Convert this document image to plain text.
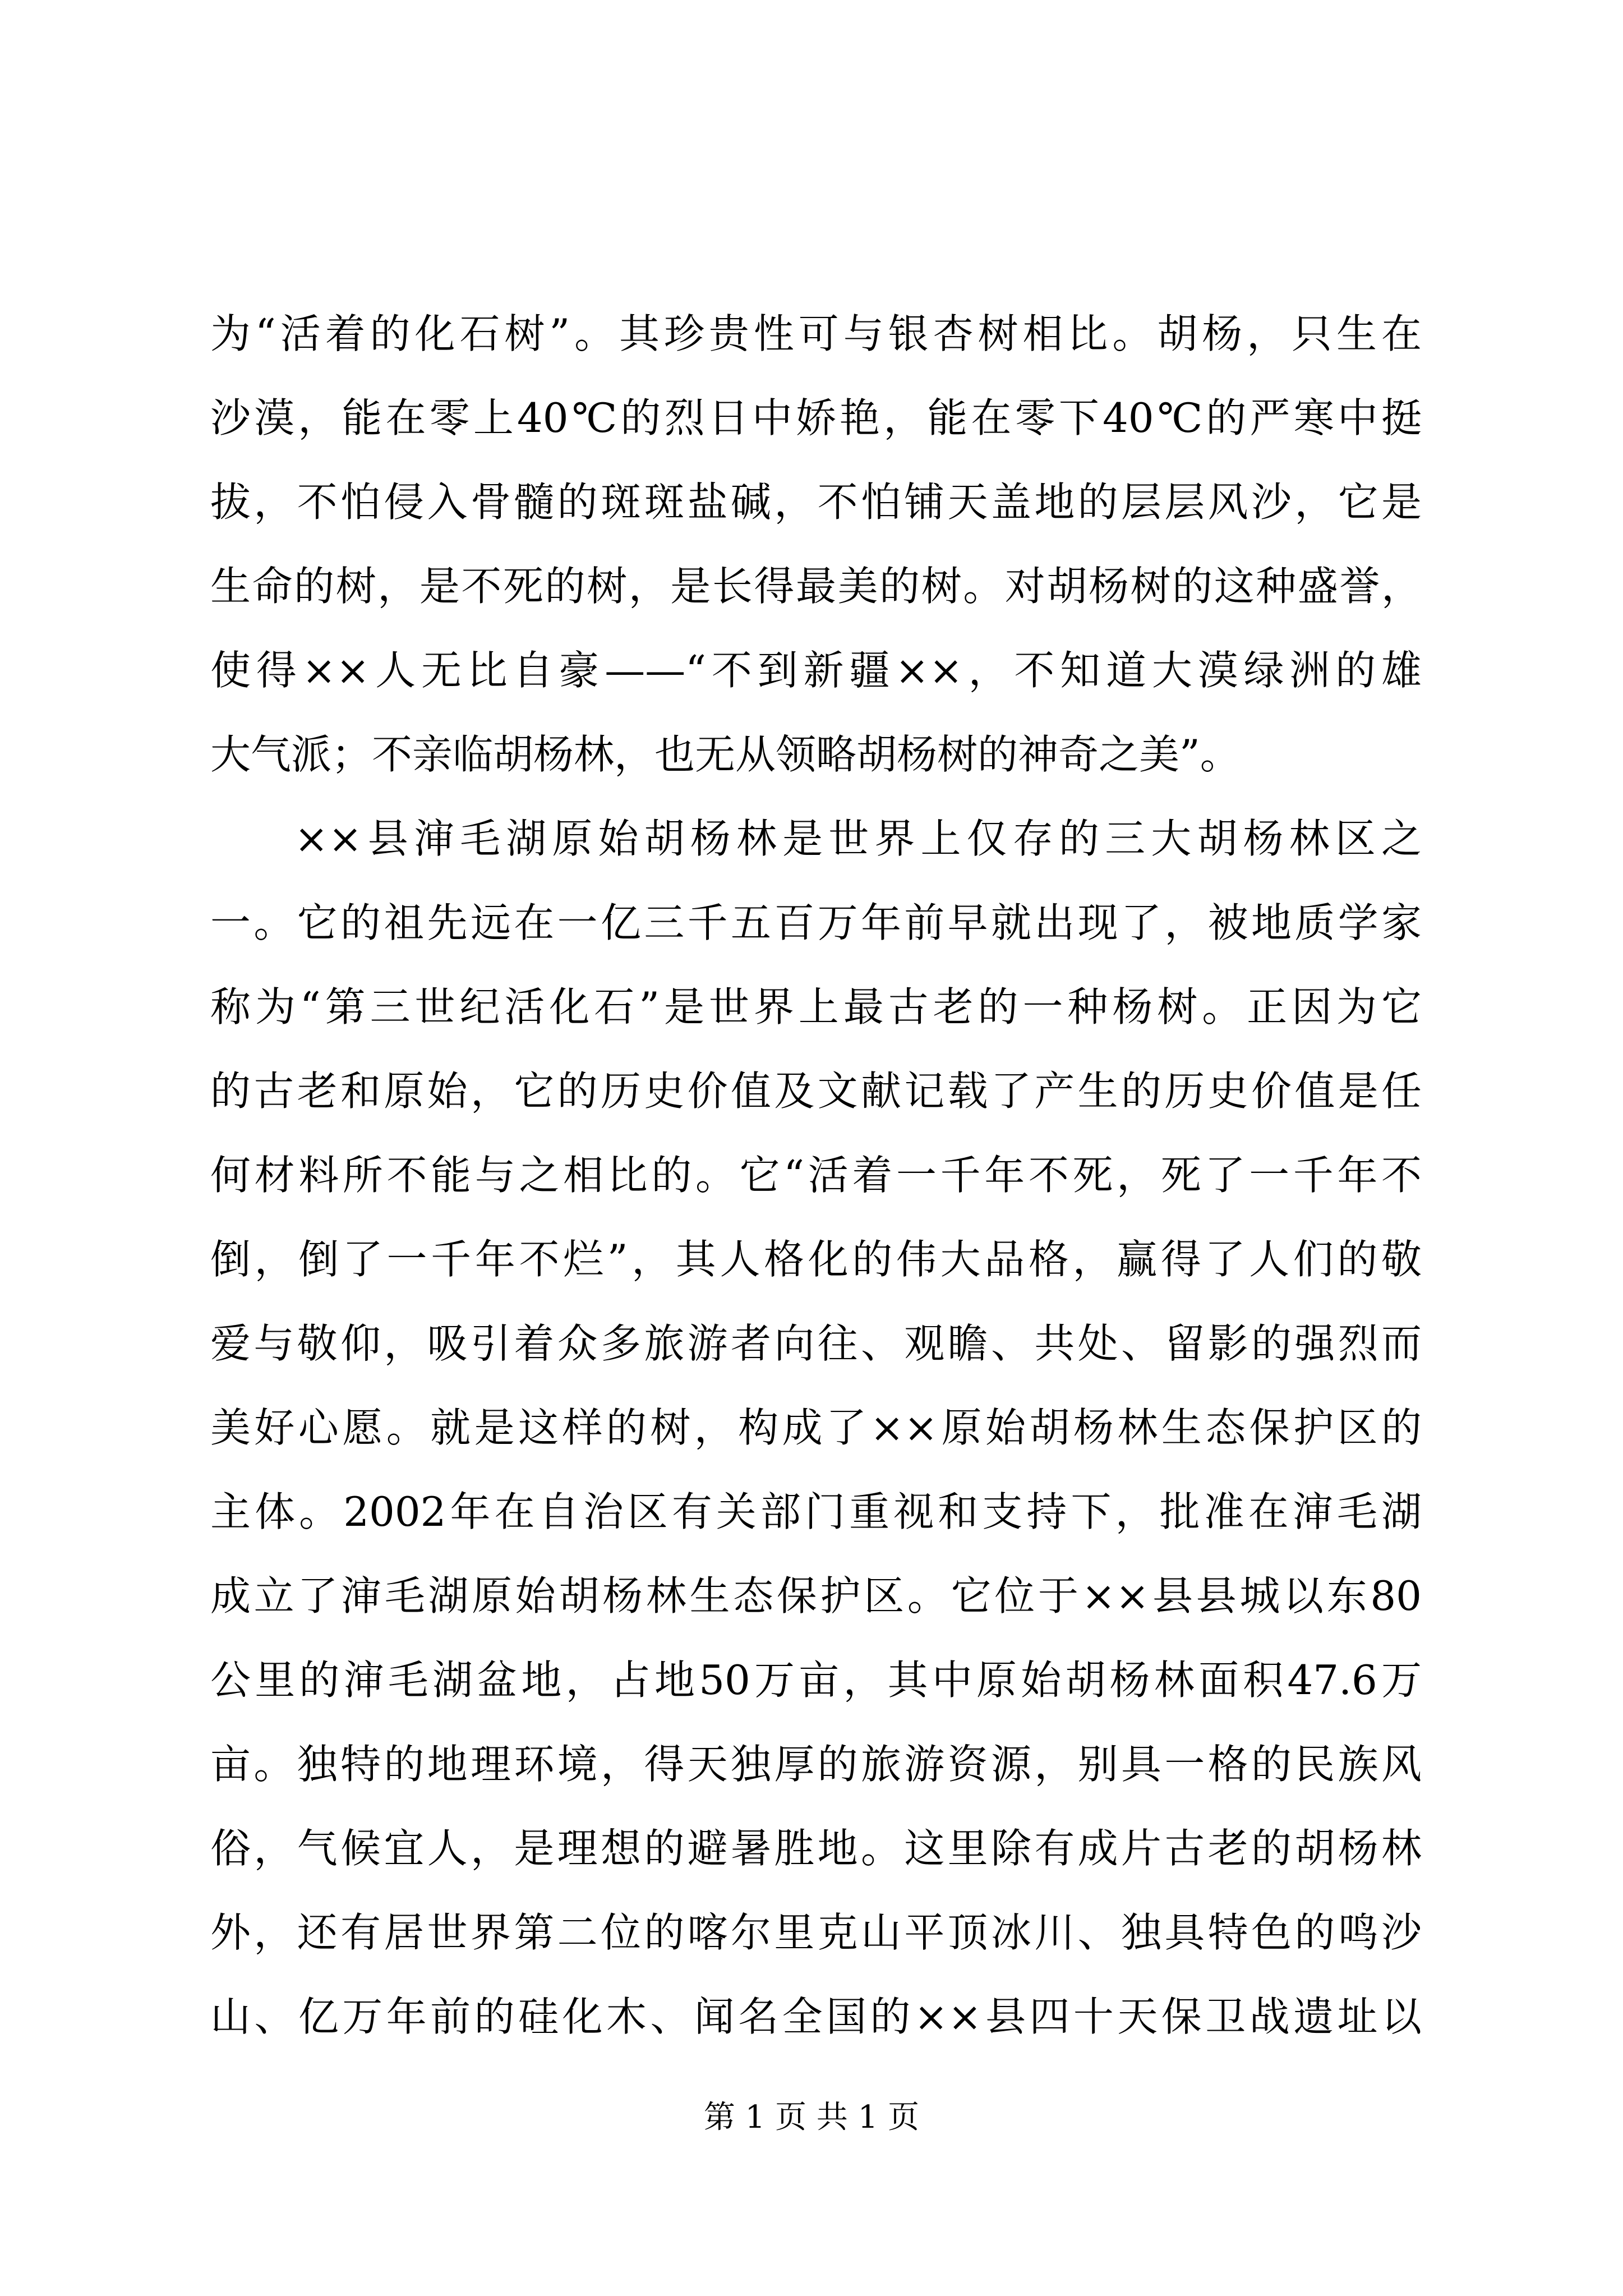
为“活着的化石树”。其珍贵性可与银杏树相比。胡杨，只生在
沙漠，能在零上40℃的烈日中娇艳，能在零下40℃的严寒中挺
拔，不怕侵入骨髓的斑斑盐碱，不怕铺天盖地的层层风沙，它是
生命的树，是不死的树，是长得最美的树。对胡杨树的这种盛誉，
使得××人无比自豪——“不到新疆××，不知道大漠绿洲的雄
大气派；不亲临胡杨林，也无从领略胡杨树的神奇之美”。
××县渖毛湖原始胡杨林是世界上仅存的三大胡杨林区之
一。它的祖先远在一亿三千五百万年前早就出现了，被地质学家
称为“第三世纪活化石”是世界上最古老的一种杨树。正因为它
的古老和原始，它的历史价值及文献记载了产生的历史价值是任
何材料所不能与之相比的。它“活着一千年不死，死了一千年不
倒，倒了一千年不烂”，其人格化的伟大品格，赢得了人们的敬
爱与敬仰，吸引着众多旅游者向往、观瞻、共处、留影的强烈而
美好心愿。就是这样的树，构成了××原始胡杨林生态保护区的
主体。2002年在自治区有关部门重视和支持下，批准在渖毛湖
成立了渖毛湖原始胡杨林生态保护区。它位于××县县城以东80
公里的渖毛湖盆地，占地50万亩，其中原始胡杨林面积47.6万
亩。独特的地理环境，得天独厚的旅游资源，别具一格的民族风
俗，气候宜人，是理想的避暑胜地。这里除有成片古老的胡杨林
外，还有居世界第二位的喀尔里克山平顶冰川、独具特色的鸣沙
山、亿万年前的硅化木、闻名全国的××县四十天保卫战遗址以
第 1 页 共 1 页
